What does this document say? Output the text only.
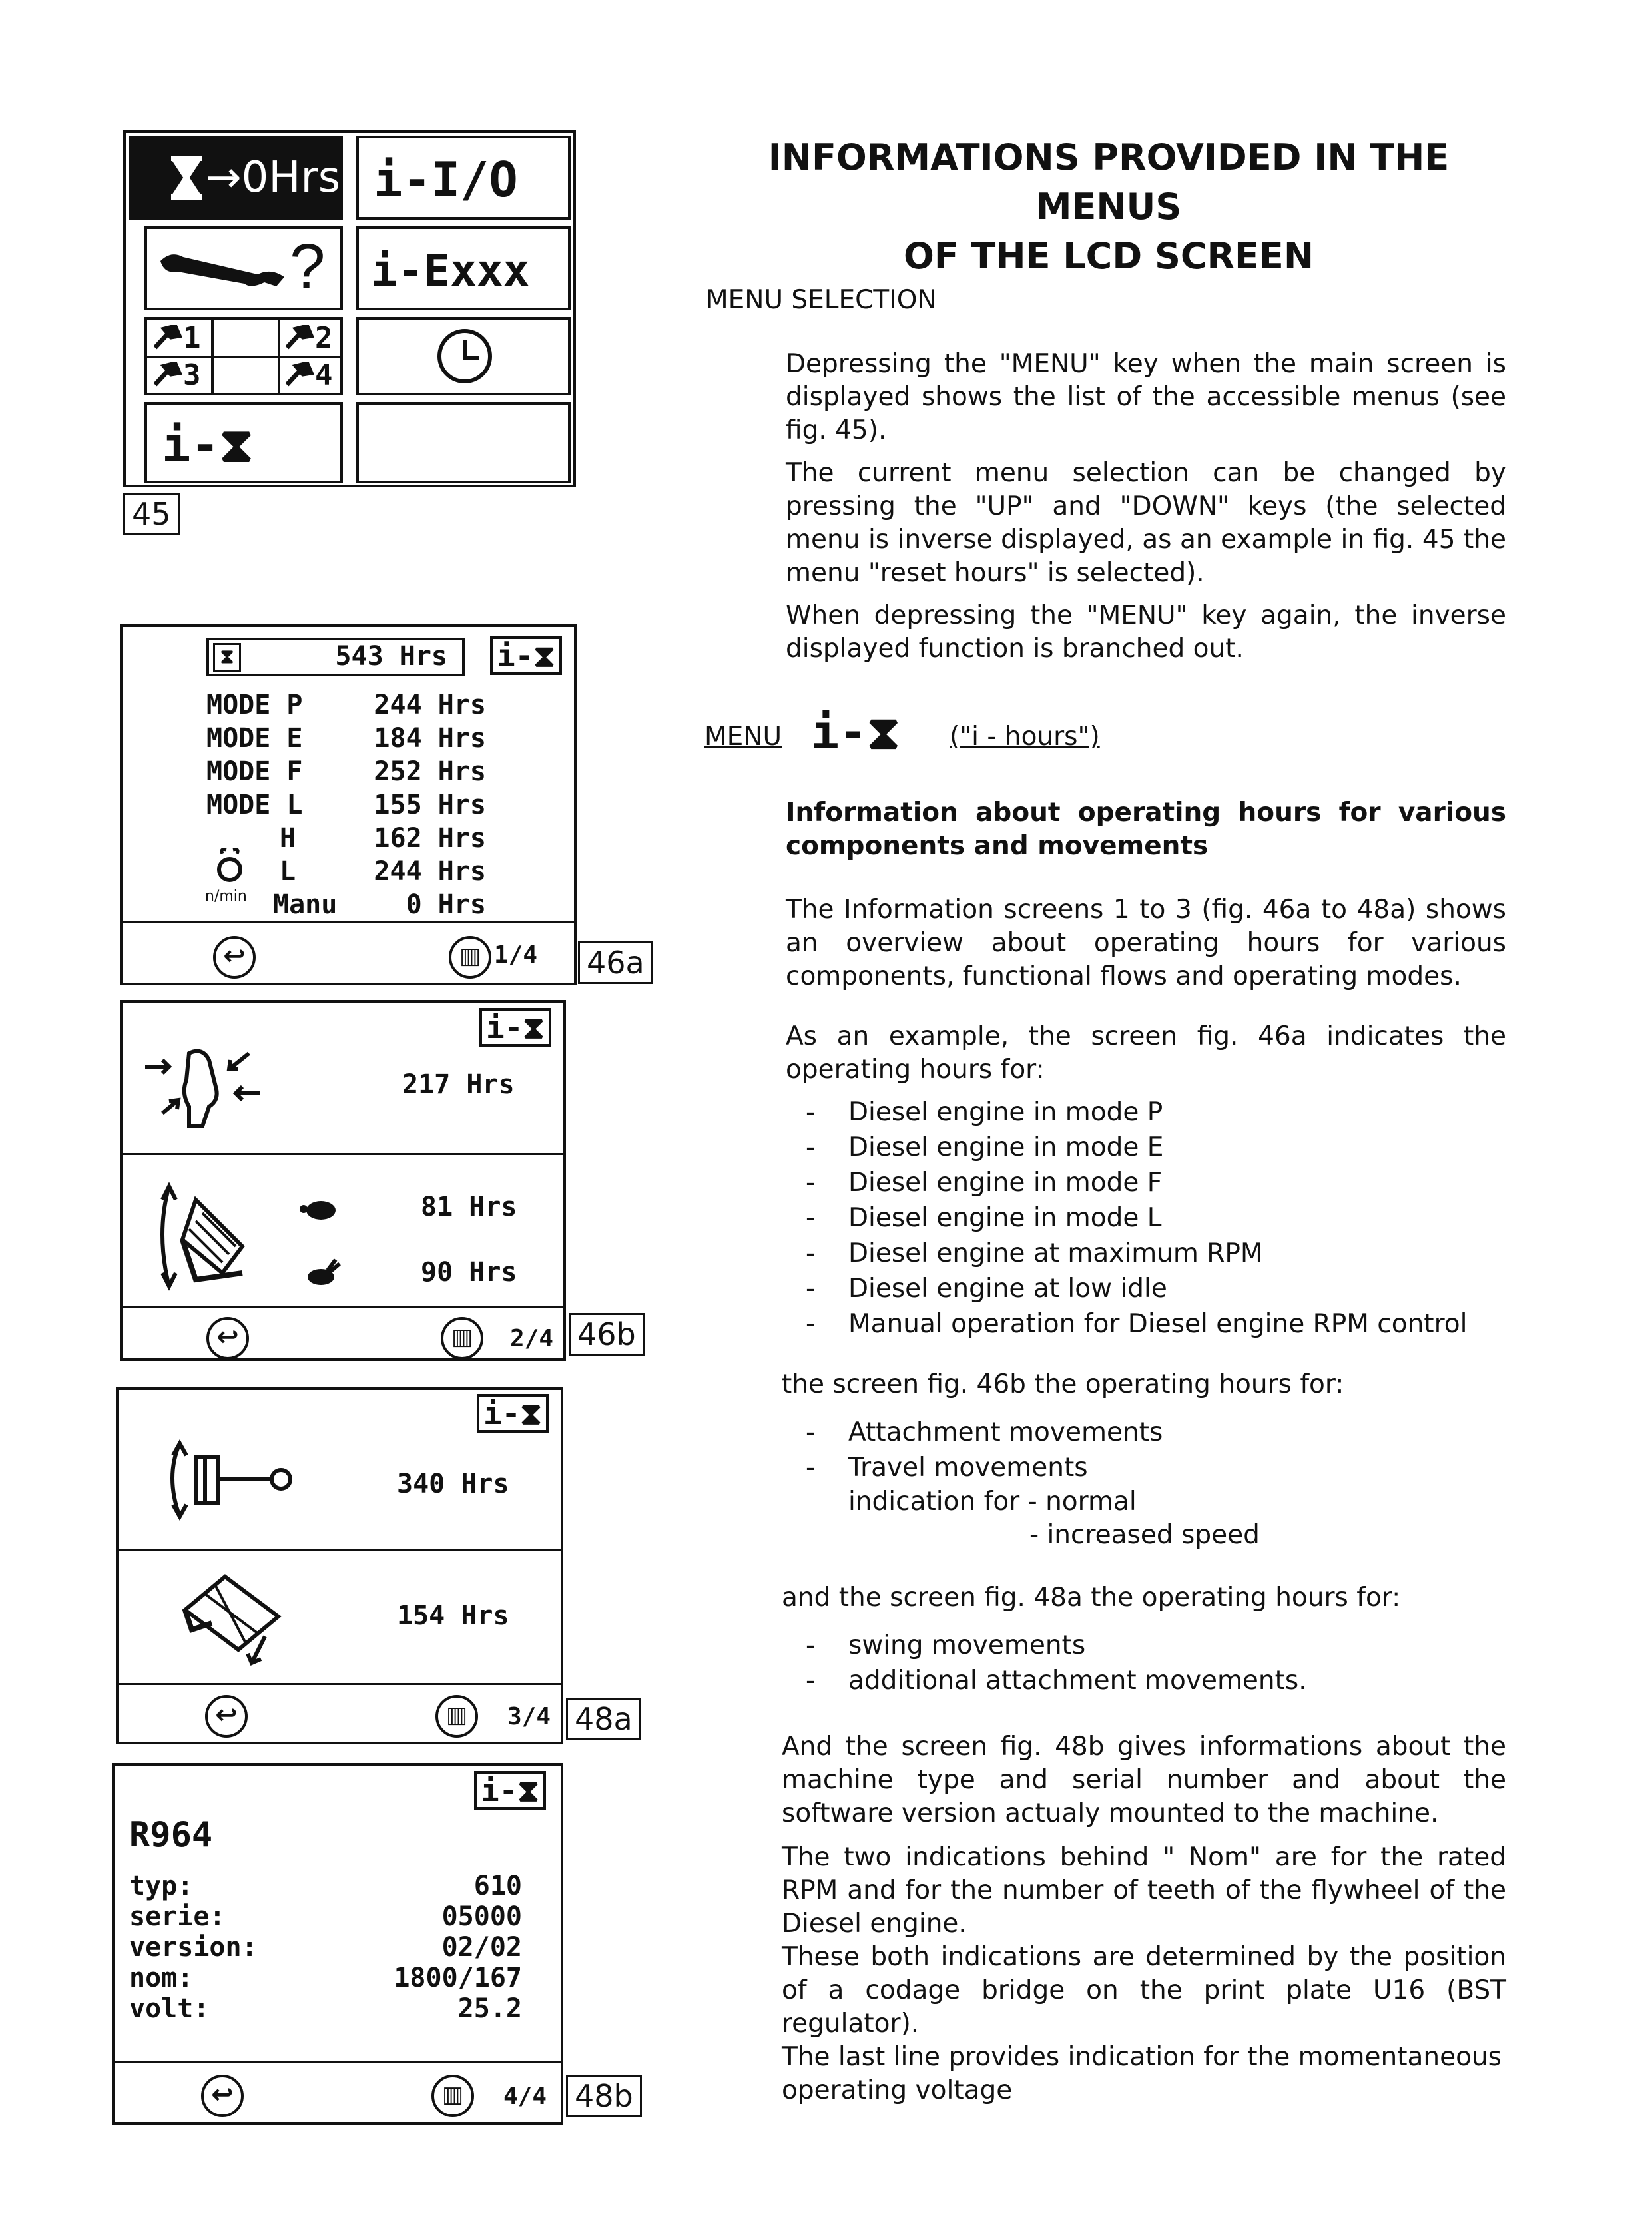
→0Hrs i-I/O
? i-Exxx
1	2
3	4
i-⧗
45
⧗	543 Hrs i-⧗
MODE P	244 Hrs
MODE E	184 Hrs
MODE F	252 Hrs
MODE L	155 Hrs
H	162 Hrs
L	244 Hrs
Manu	0 Hrs
n/min
↩	▥ 1/4 46a
i-⧗
217 Hrs
81 Hrs
90 Hrs
↩	▥	2/4 46b
i-⧗
340 Hrs
154 Hrs
↩	▥	3/4 48a
i-⧗
R964
typ:	610
serie:	05000
version:	02/02
nom:	1800/167
volt:	25.2
↩	▥	4/4 48b
INFORMATIONS PROVIDED IN THE MENUS
OF THE LCD SCREEN
MENU SELECTION

Depressing the "MENU" key when the main screen is displayed shows the list of the accessible menus (see fig. 45).

The current menu selection can be changed by pressing the "UP" and "DOWN" keys (the selected menu is inverse displayed, as an example in fig. 45 the menu "reset hours" is selected).

When depressing the "MENU" key again, the inverse displayed function is branched out.

MENU i-⧗ ("i - hours")

Information about operating hours for various components and movements

The Information screens 1 to 3 (fig. 46a to 48a) shows an overview about operating hours for various components, functional flows and operating modes.

As an example, the screen fig. 46a indicates the operating hours for:

- Diesel engine in mode P
- Diesel engine in mode E
- Diesel engine in mode F
- Diesel engine in mode L
- Diesel engine at maximum RPM
- Diesel engine at low idle
- Manual operation for Diesel engine RPM control

the screen fig. 46b the operating hours for:

- Attachment movements
- Travel movements
indication for - normal
- increased speed

and the screen fig. 48a the operating hours for:

- swing movements
- additional attachment movements.

And the screen fig. 48b gives informations about the machine type and serial number and about the software version actualy mounted to the machine.

The two indications behind " Nom" are for the rated RPM and for the number of teeth of the flywheel of the Diesel engine.

These both indications are determined by the position of a codage bridge on the print plate U16 (BST regulator).

The last line provides indication for the momentaneous operating voltage
